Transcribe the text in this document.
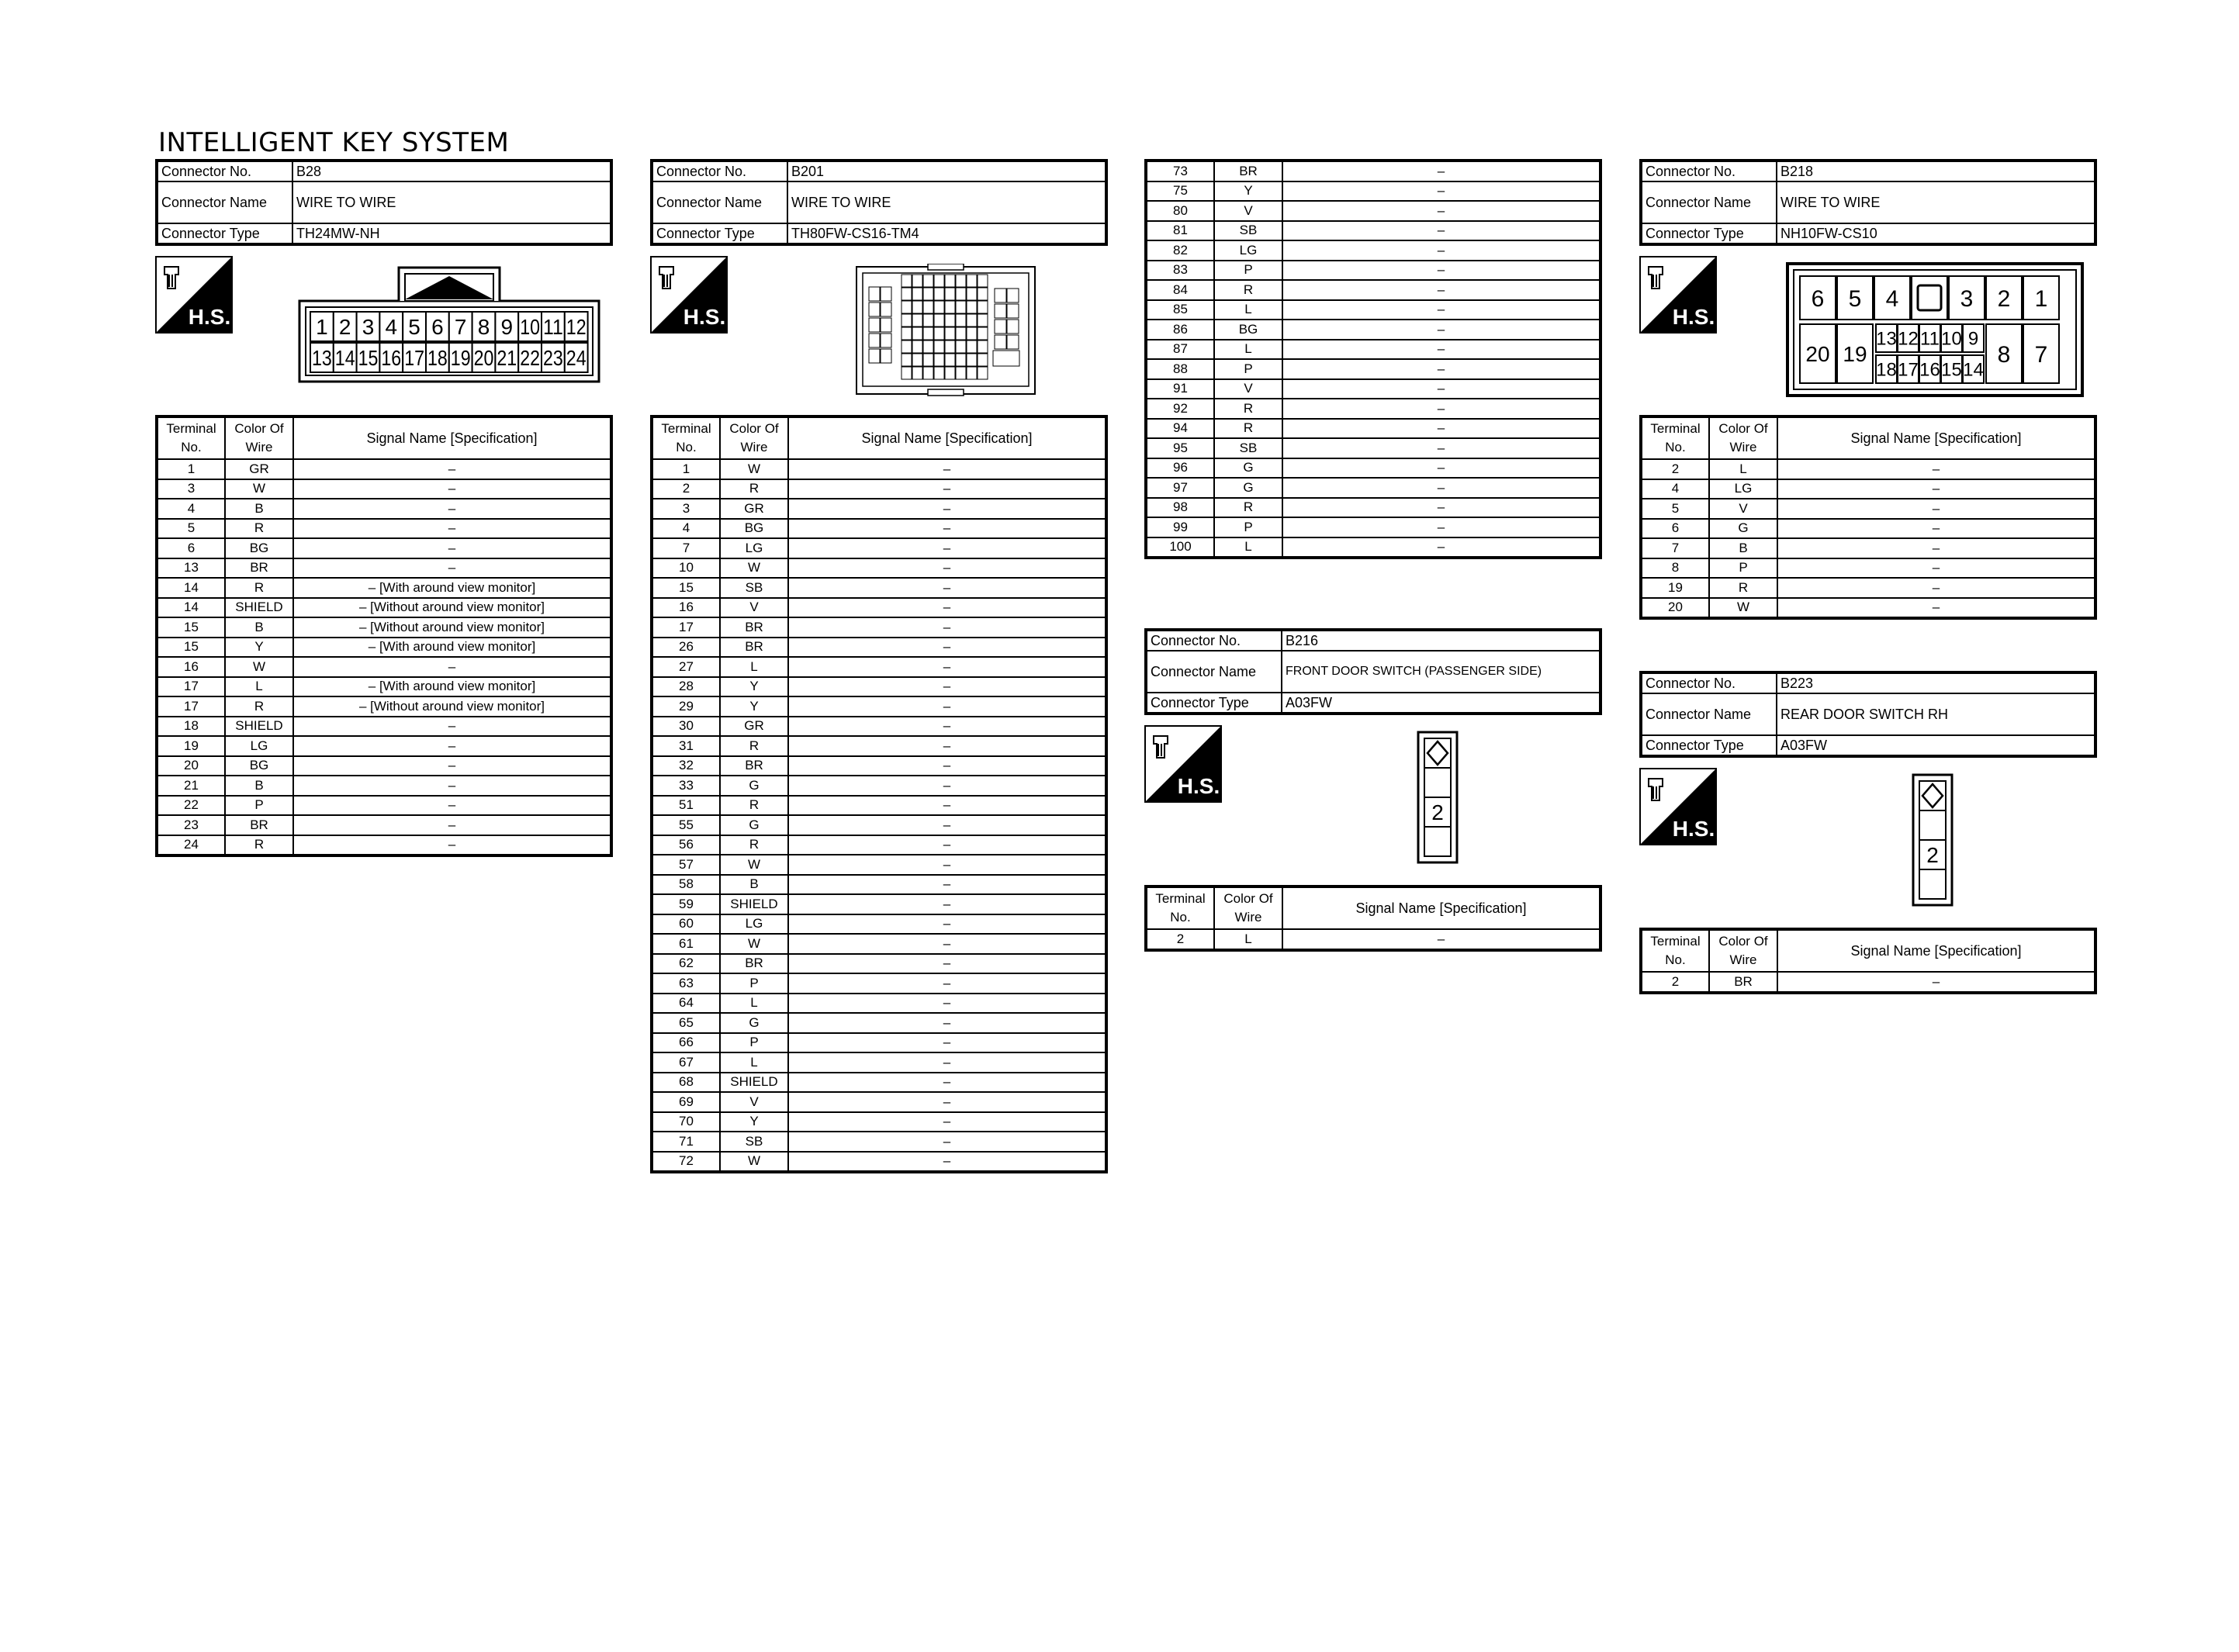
INTELLIGENT KEY SYSTEM
Connector No.	B28
Connector Name	WIRE TO WIRE
Connector Type	TH24MW-NH
H.S.	1 2 3 4 5 6 7 8 9 10 11 12
13 14 15 16 17 18 19 20 21 22 23 24
Terminal No.	Color Of Wire	Signal Name [Specification]
1	GR	–
3	W	–
4	B	–
5	R	–
6	BG	–
13	BR	–
14	R	– [With around view monitor]
14	SHIELD	– [Without around view monitor]
15	B	– [Without around view monitor]
15	Y	– [With around view monitor]
16	W	–
17	L	– [With around view monitor]
17	R	– [Without around view monitor]
18	SHIELD	–
19	LG	–
20	BG	–
21	B	–
22	P	–
23	BR	–
24	R	–
Connector No.	B201
Connector Name	WIRE TO WIRE
Connector Type	TH80FW-CS16-TM4
H.S.
Terminal No.	Color Of Wire	Signal Name [Specification]
1	W	–
2	R	–
3	GR	–
4	BG	–
7	LG	–
10	W	–
15	SB	–
16	V	–
17	BR	–
26	BR	–
27	L	–
28	Y	–
29	Y	–
30	GR	–
31	R	–
32	BR	–
33	G	–
51	R	–
55	G	–
56	R	–
57	W	–
58	B	–
59	SHIELD	–
60	LG	–
61	W	–
62	BR	–
63	P	–
64	L	–
65	G	–
66	P	–
67	L	–
68	SHIELD	–
69	V	–
70	Y	–
71	SB	–
72	W	–
73	BR	–
75	Y	–
80	V	–
81	SB	–
82	LG	–
83	P	–
84	R	–
85	L	–
86	BG	–
87	L	–
88	P	–
91	V	–
92	R	–
94	R	–
95	SB	–
96	G	–
97	G	–
98	R	–
99	P	–
100	L	–
Connector No.	B216
Connector Name	FRONT DOOR SWITCH (PASSENGER SIDE)
Connector Type	A03FW
H.S.
2
Terminal No.	Color Of Wire	Signal Name [Specification]
2	L	–
Connector No.	B218
Connector Name	WIRE TO WIRE
Connector Type	NH10FW-CS10
H.S.
6 5 4	3 2 1
20 19
13
18
12
17
11
16
10
15
9
14
8 7
Terminal No.	Color Of Wire	Signal Name [Specification]
2	L	–
4	LG	–
5	V	–
6	G	–
7	B	–
8	P	–
19	R	–
20	W	–
Connector No.	B223
Connector Name	REAR DOOR SWITCH RH
Connector Type	A03FW
H.S.
2
Terminal No.	Color Of Wire	Signal Name [Specification]
2	BR	–
